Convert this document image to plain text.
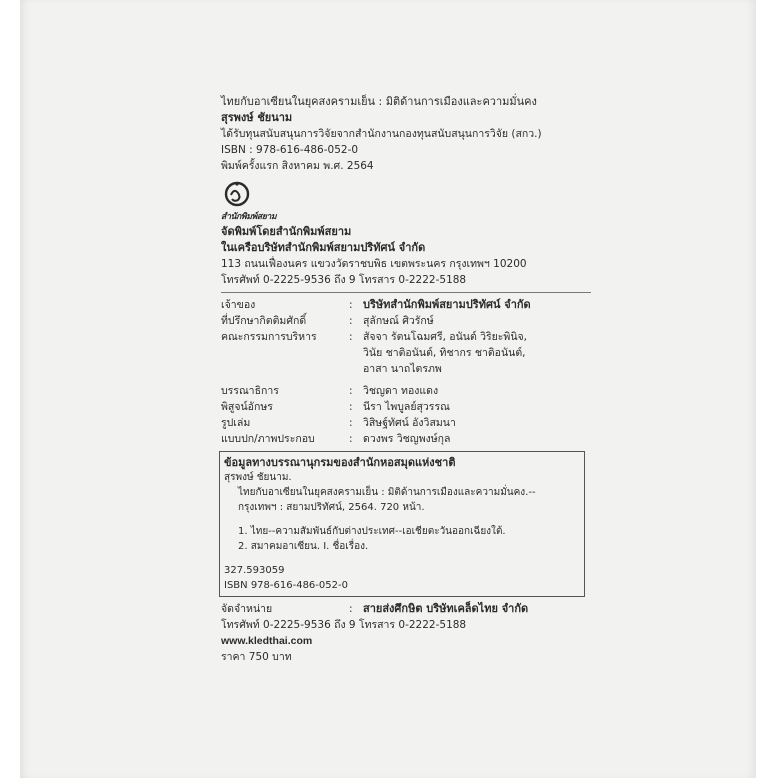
ไทยกับอาเซียนในยุคสงครามเย็น : มิติด้านการเมืองและความมั่นคง
สุรพงษ์ ชัยนาม
ได้รับทุนสนับสนุนการวิจัยจากสำนักงานกองทุนสนับสนุนการวิจัย (สกว.)
ISBN : 978-616-486-052-0
พิมพ์ครั้งแรก สิงหาคม พ.ศ. 2564
สำนักพิมพ์สยาม
จัดพิมพ์โดยสำนักพิมพ์สยาม
ในเครือบริษัทสำนักพิมพ์สยามปริทัศน์ จำกัด
113 ถนนเฟื่องนคร แขวงวัดราชบพิธ เขตพระนคร กรุงเทพฯ 10200
โทรศัพท์ 0-2225-9536 ถึง 9 โทรสาร 0-2222-5188
เจ้าของ	: บริษัทสำนักพิมพ์สยามปริทัศน์ จำกัด
ที่ปรึกษากิตติมศักดิ์	: สุลักษณ์ ศิวรักษ์
คณะกรรมการบริหาร	: สัจจา รัตนโฉมศรี, อนันต์ วิริยะพินิจ,
วินัย ชาติอนันต์, ทิชากร ชาติอนันต์,
อาสา นาถไตรภพ
บรรณาธิการ	: วิชญดา ทองแดง
พิสูจน์อักษร	: นีรา ไพบูลย์สุวรรณ
รูปเล่ม	: วิสิษฐ์ทัศน์ อังวิสมนา
แบบปก/ภาพประกอบ	: ดวงพร วิชญพงษ์กุล
ข้อมูลทางบรรณานุกรมของสำนักหอสมุดแห่งชาติ
สุรพงษ์ ชัยนาม.
ไทยกับอาเซียนในยุคสงครามเย็น : มิติด้านการเมืองและความมั่นคง.--
กรุงเทพฯ : สยามปริทัศน์, 2564. 720 หน้า.
1. ไทย--ความสัมพันธ์กับต่างประเทศ--เอเชียตะวันออกเฉียงใต้.
2. สมาคมอาเซียน. I. ชื่อเรื่อง.
327.593059
ISBN 978-616-486-052-0
จัดจำหน่าย	: สายส่งศึกษิต บริษัทเคล็ดไทย จำกัด
โทรศัพท์ 0-2225-9536 ถึง 9 โทรสาร 0-2222-5188
www.kledthai.com
ราคา 750 บาท
